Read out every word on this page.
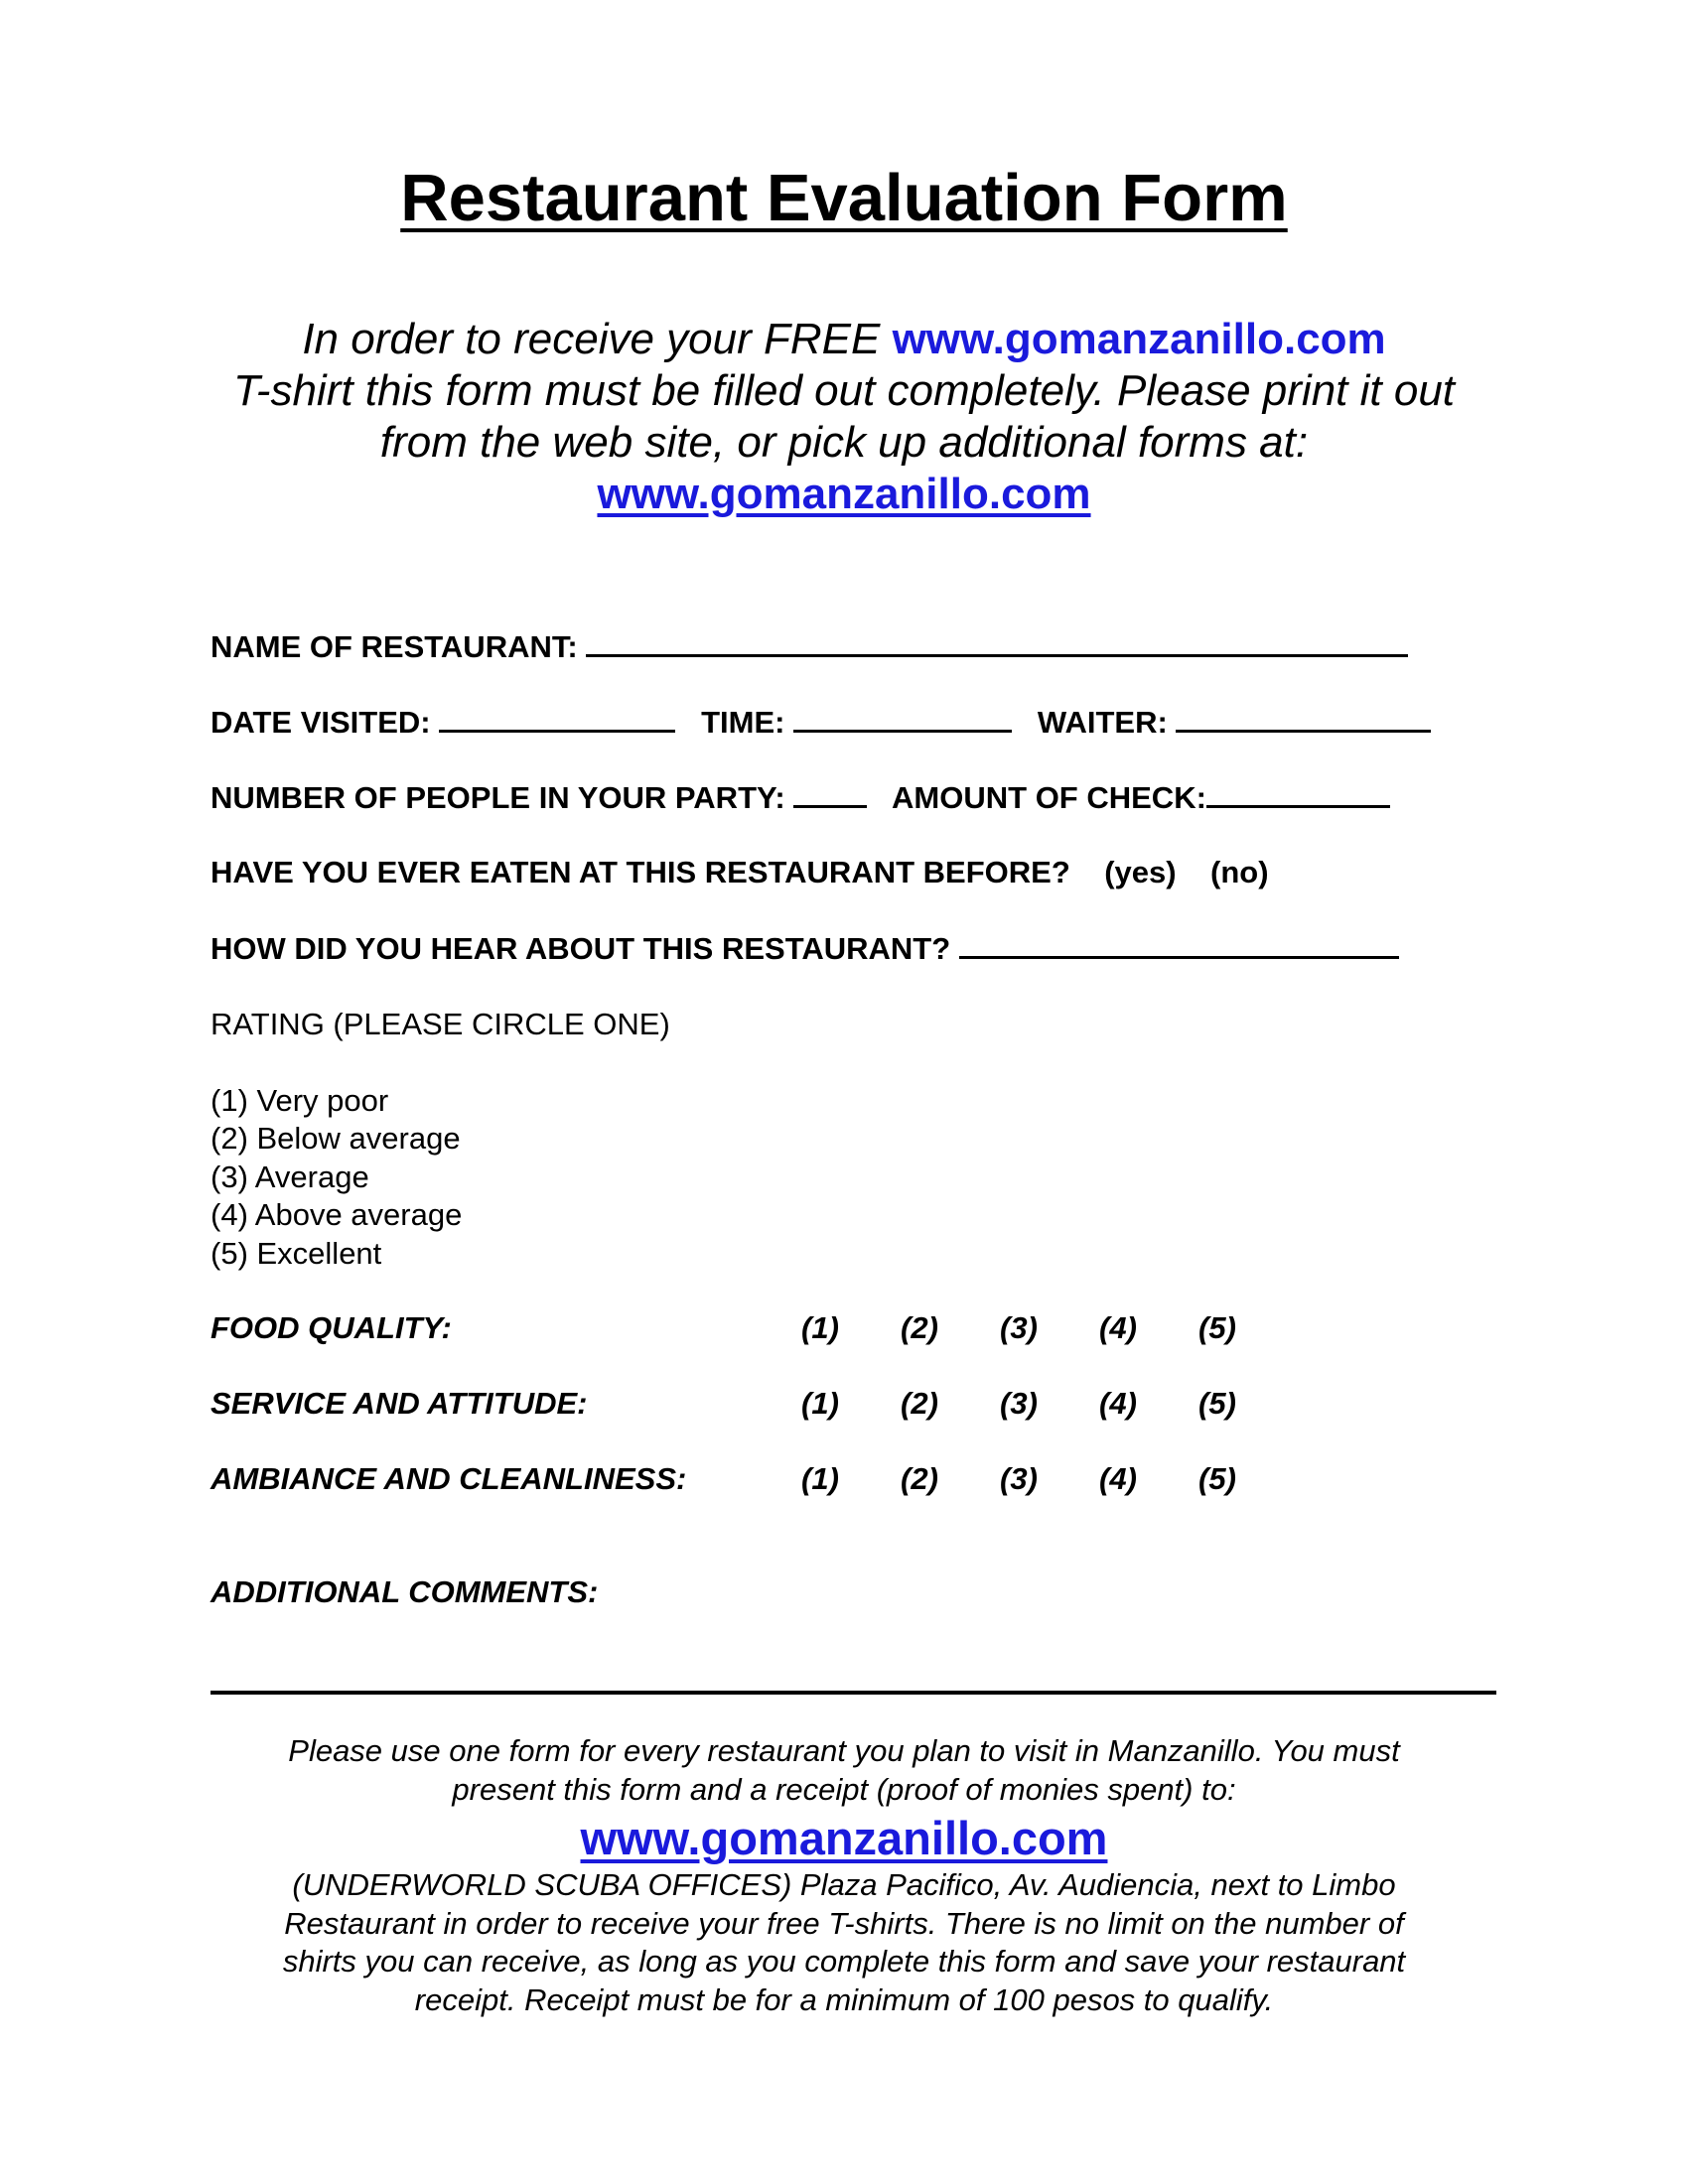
Restaurant Evaluation Form
In order to receive your FREE www.gomanzanillo.com
T-shirt this form must be filled out completely. Please print it out
from the web site, or pick up additional forms at:
www.gomanzanillo.com
NAME OF RESTAURANT:
DATE VISITED:	TIME:	WAITER:
NUMBER OF PEOPLE IN YOUR PARTY:	AMOUNT OF CHECK:
HAVE YOU EVER EATEN AT THIS RESTAURANT BEFORE? (yes) (no)
HOW DID YOU HEAR ABOUT THIS RESTAURANT?
RATING (PLEASE CIRCLE ONE)
(1) Very poor
(2) Below average
(3) Average
(4) Above average
(5) Excellent
FOOD QUALITY:	(1) (2) (3) (4) (5)
SERVICE AND ATTITUDE:	(1) (2) (3) (4) (5)
AMBIANCE AND CLEANLINESS:	(1) (2) (3) (4) (5)
ADDITIONAL COMMENTS:
Please use one form for every restaurant you plan to visit in Manzanillo. You must
present this form and a receipt (proof of monies spent) to:
www.gomanzanillo.com
(UNDERWORLD SCUBA OFFICES) Plaza Pacifico, Av. Audiencia, next to Limbo
Restaurant in order to receive your free T-shirts. There is no limit on the number of
shirts you can receive, as long as you complete this form and save your restaurant
receipt. Receipt must be for a minimum of 100 pesos to qualify.
